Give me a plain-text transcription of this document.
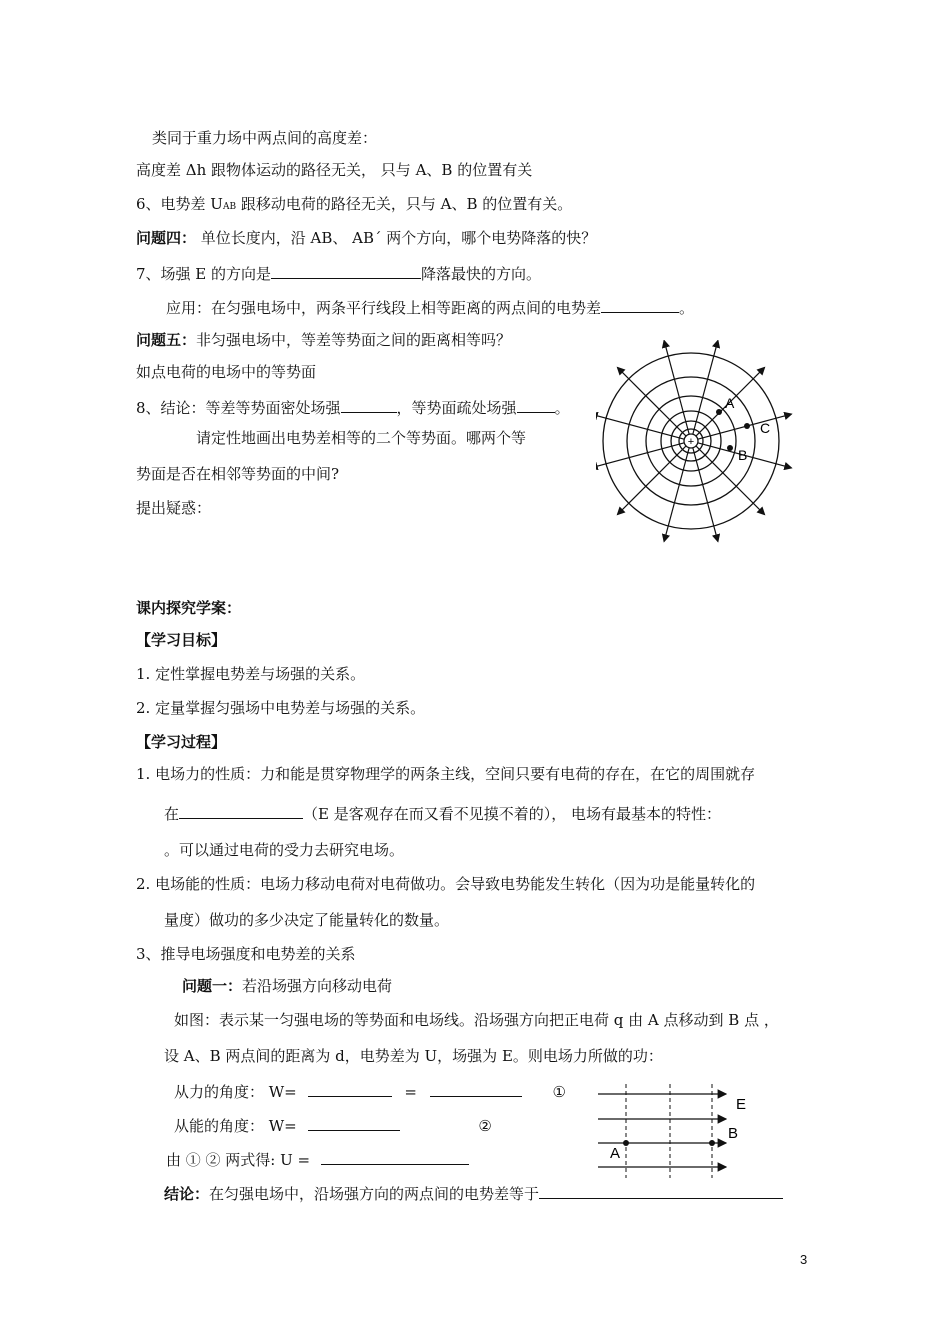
类同于重力场中两点间的高度差：
高度差 Δh 跟物体运动的路径无关， 只与 A、B 的位置有关
6、电势差 UAB 跟移动电荷的路径无关，只与 A、B 的位置有关。
问题四： 单位长度内，沿 AB、 AB´ 两个方向，哪个电势降落的快？
7、场强 E 的方向是	降落最快的方向。
应用：在匀强电场中，两条平行线段上相等距离的两点间的电势差	。
问题五：非匀强电场中，等差等势面之间的距离相等吗？
如点电荷的电场中的等势面
8、结论：等差等势面密处场强	，等势面疏处场强	。
请定性地画出电势差相等的二个等势面。哪两个等
势面是否在相邻等势面的中间?
提出疑惑：
课内探究学案：
【学习目标】
1. 定性掌握电势差与场强的关系。
2. 定量掌握匀强场中电势差与场强的关系。
【学习过程】
1. 电场力的性质：力和能是贯穿物理学的两条主线，空间只要有电荷的存在，在它的周围就存
在	（E 是客观存在而又看不见摸不着的）， 电场有最基本的特性：
。可以通过电荷的受力去研究电场。
2. 电场能的性质：电场力移动电荷对电荷做功。会导致电势能发生转化（因为功是能量转化的
量度）做功的多少决定了能量转化的数量。
3、推导电场强度和电势差的关系
问题一：若沿场强方向移动电荷
如图：表示某一匀强电场的等势面和电场线。沿场强方向把正电荷 q 由 A 点移动到 B 点 ，
设 A、B 两点间的距离为 d，电势差为 U，场强为 E。则电场力所做的功：
从力的角度： W=	=	①
从能的角度： W=	②
由 ① ② 两式得: U =
结论：在匀强电场中，沿场强方向的两点间的电势差等于
3
+
A
C
B
E
B
A
